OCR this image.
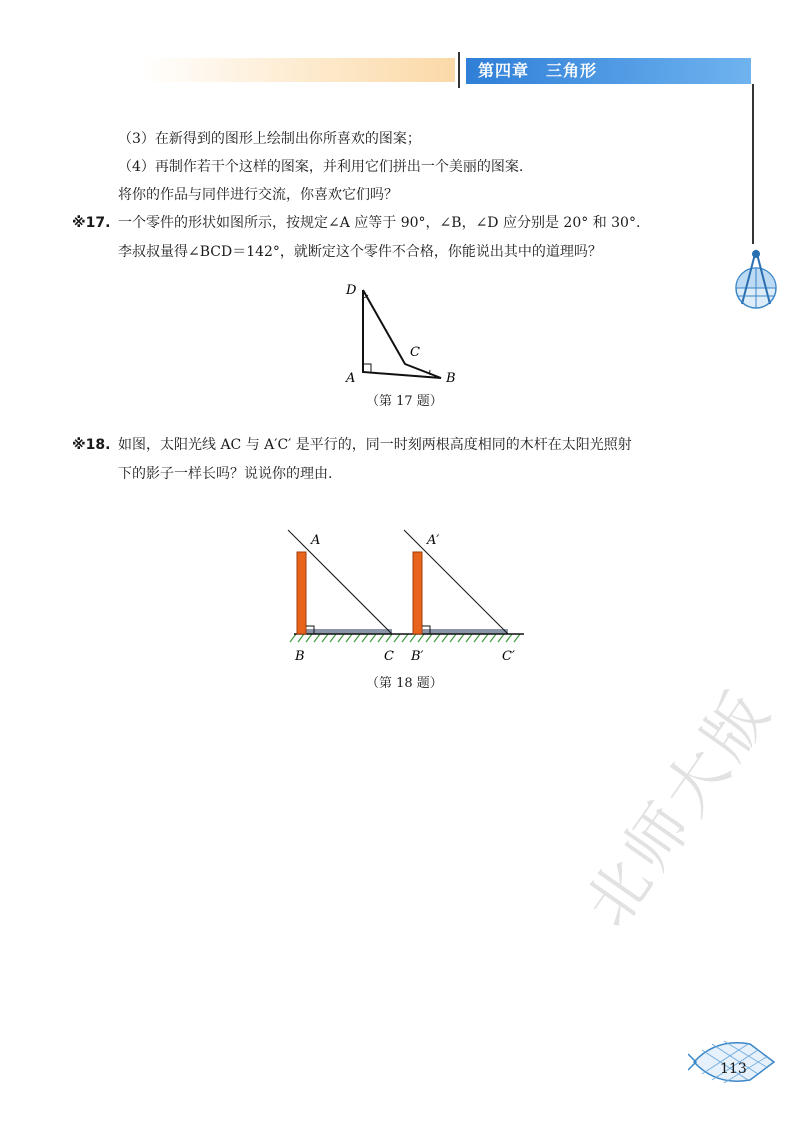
第四章　三角形
（3）在新得到的图形上绘制出你所喜欢的图案；
（4）再制作若干个这样的图案，并利用它们拼出一个美丽的图案.
将你的作品与同伴进行交流，你喜欢它们吗？
※17. 一个零件的形状如图所示，按规定∠A 应等于 90°，∠B，∠D 应分别是 20° 和 30°.
李叔叔量得∠BCD＝142°，就断定这个零件不合格，你能说出其中的道理吗？
D
A	B
C
（第 17 题）
※18. 如图，太阳光线 AC 与 A′C′ 是平行的，同一时刻两根高度相同的木杆在太阳光照射
下的影子一样长吗？说说你的理由.
A	A′
B	C B′	C′
（第 18 题） 北师大版
113
